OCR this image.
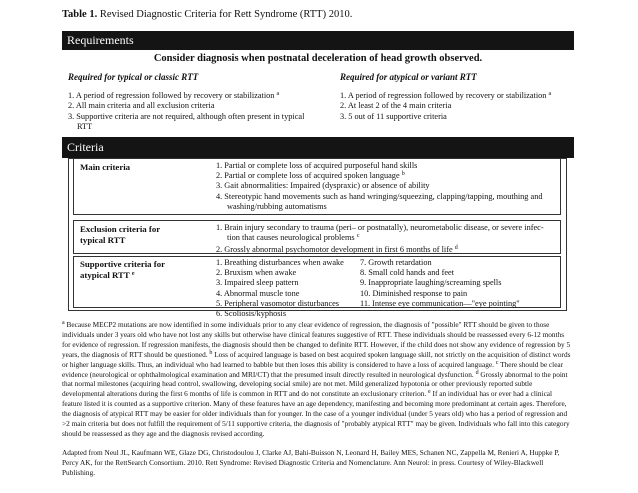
Table 1. Revised Diagnostic Criteria for Rett Syndrome (RTT) 2010.
Requirements
Consider diagnosis when postnatal deceleration of head growth observed.
Required for typical or classic RTT
1. A period of regression followed by recovery or stabilization $^a$
2. All main criteria and all exclusion criteria
3. Supportive criteria are not required, although often present in typical
RTT
Required for atypical or variant RTT
1. A period of regression followed by recovery or stabilization $^a$
2. At least 2 of the 4 main criteria
3. 5 out of 11 supportive criteria
Criteria
Main criteria	1. Partial or complete loss of acquired purposeful hand skills
2. Partial or complete loss of acquired spoken language $^b$
3. Gait abnormalities: Impaired (dyspraxic) or absence of ability
4. Stereotypic hand movements such as hand wringing/squeezing, clapping/tapping, mouthing and
washing/rubbing automatisms
Exclusion criteria for
typical RTT
1. Brain injury secondary to trauma (peri– or postnatally), neurometabolic disease, or severe infec-
tion that causes neurological problems $^c$
2. Grossly abnormal psychomotor development in first 6 months of life $^d$
Supportive criteria for
atypical RTT $^e$
1. Breathing disturbances when awake
2. Bruxism when awake
3. Impaired sleep pattern
4. Abnormal muscle tone
5. Peripheral vasomotor disturbances
6. Scoliosis/kyphosis
7. Growth retardation
8. Small cold hands and feet
9. Inappropriate laughing/screaming spells
10. Diminished response to pain
11. Intense eye communication—"eye pointing"

$^a$ Because MECP2 mutations are now identified in some individuals prior to any clear evidence of regression, the diagnosis of "possible" RTT should be given to those individuals under 3 years old who have not lost any skills but otherwise have clinical features suggestive of RTT. These individuals should be reassessed every 6-12 months for evidence of regression. If regression manifests, the diagnosis should then be changed to definite RTT. However, if the child does not show any evidence of regression by 5 years, the diagnosis of RTT should be questioned. $^b$ Loss of acquired language is based on best acquired spoken language skill, not strictly on the acquisition of distinct words or higher language skills. Thus, an individual who had learned to babble but then loses this ability is considered to have a loss of acquired language. $^c$ There should be clear evidence (neurological or ophthalmological examination and MRI/CT) that the presumed insult directly resulted in neurological dysfunction. $^d$ Grossly abnormal to the point that normal milestones (acquiring head control, swallowing, developing social smile) are not met. Mild generalized hypotonia or other previously reported subtle developmental alterations during the first 6 months of life is common in RTT and do not constitute an exclusionary criterion. $^e$ If an individual has or ever had a clinical feature listed it is counted as a supportive criterion. Many of these features have an age dependency, manifesting and becoming more predominant at certain ages. Therefore, the diagnosis of atypical RTT may be easier for older individuals than for younger. In the case of a younger individual (under 5 years old) who has a period of regression and >2 main criteria but does not fulfill the requirement of 5/11 supportive criteria, the diagnosis of "probably atypical RTT" may be given. Individuals who fall into this category should be reassessed as they age and the diagnosis revised according.

Adapted from Neul JL, Kaufmann WE, Glaze DG, Christodoulou J, Clarke AJ, Bahi-Buisson N, Leonard H, Bailey MES, Schanen NC, Zappella M, Renieri A, Huppke P, Percy AK, for the RettSearch Consortium. 2010. Rett Syndrome: Revised Diagnostic Criteria and Nomenclature. Ann Neurol: in press. Courtesy of Wiley-Blackwell Publishing.
